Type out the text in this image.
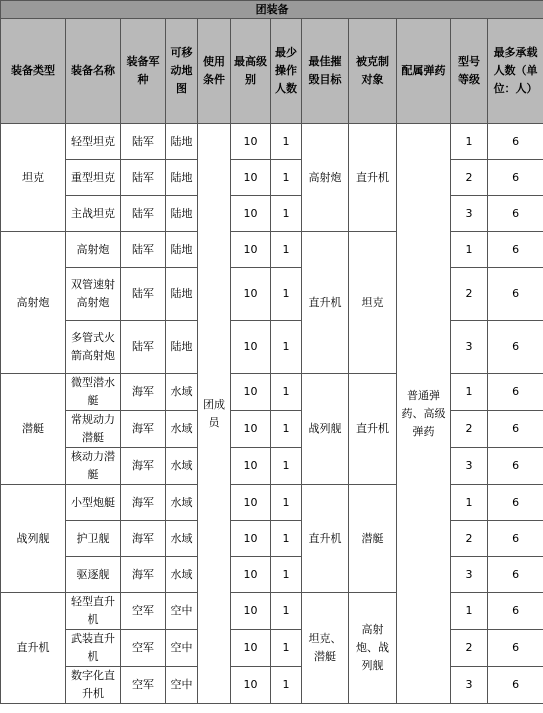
团装备											
装备类型	装备名称	装备军种	可移动地图	使用条件	最高级别	最少操作人数	最佳摧毁目标	被克制对象	配属弹药	型号等级	最多承载人数（单位：人）
坦克	轻型坦克	陆军	陆地	团成员	10	1	高射炮	直升机	普通弹药、高级弹药	1	6
	重型坦克	陆军	陆地		10	1				2	6
	主战坦克	陆军	陆地		10	1				3	6
高射炮	高射炮	陆军	陆地		10	1	直升机	坦克		1	6
	双管速射高射炮	陆军	陆地		10	1				2	6
	多管式火箭高射炮	陆军	陆地		10	1				3	6
潜艇	微型潜水艇	海军	水域		10	1	战列舰	直升机		1	6
	常规动力潜艇	海军	水域		10	1				2	6
	核动力潜艇	海军	水域		10	1				3	6
战列舰	小型炮艇	海军	水域		10	1	直升机	潜艇		1	6
	护卫舰	海军	水域		10	1				2	6
	驱逐舰	海军	水域		10	1				3	6
直升机	轻型直升机	空军	空中		10	1	坦克、潜艇	高射炮、战列舰		1	6
	武装直升机	空军	空中		10	1				2	6
	数字化直升机	空军	空中		10	1				3	6
